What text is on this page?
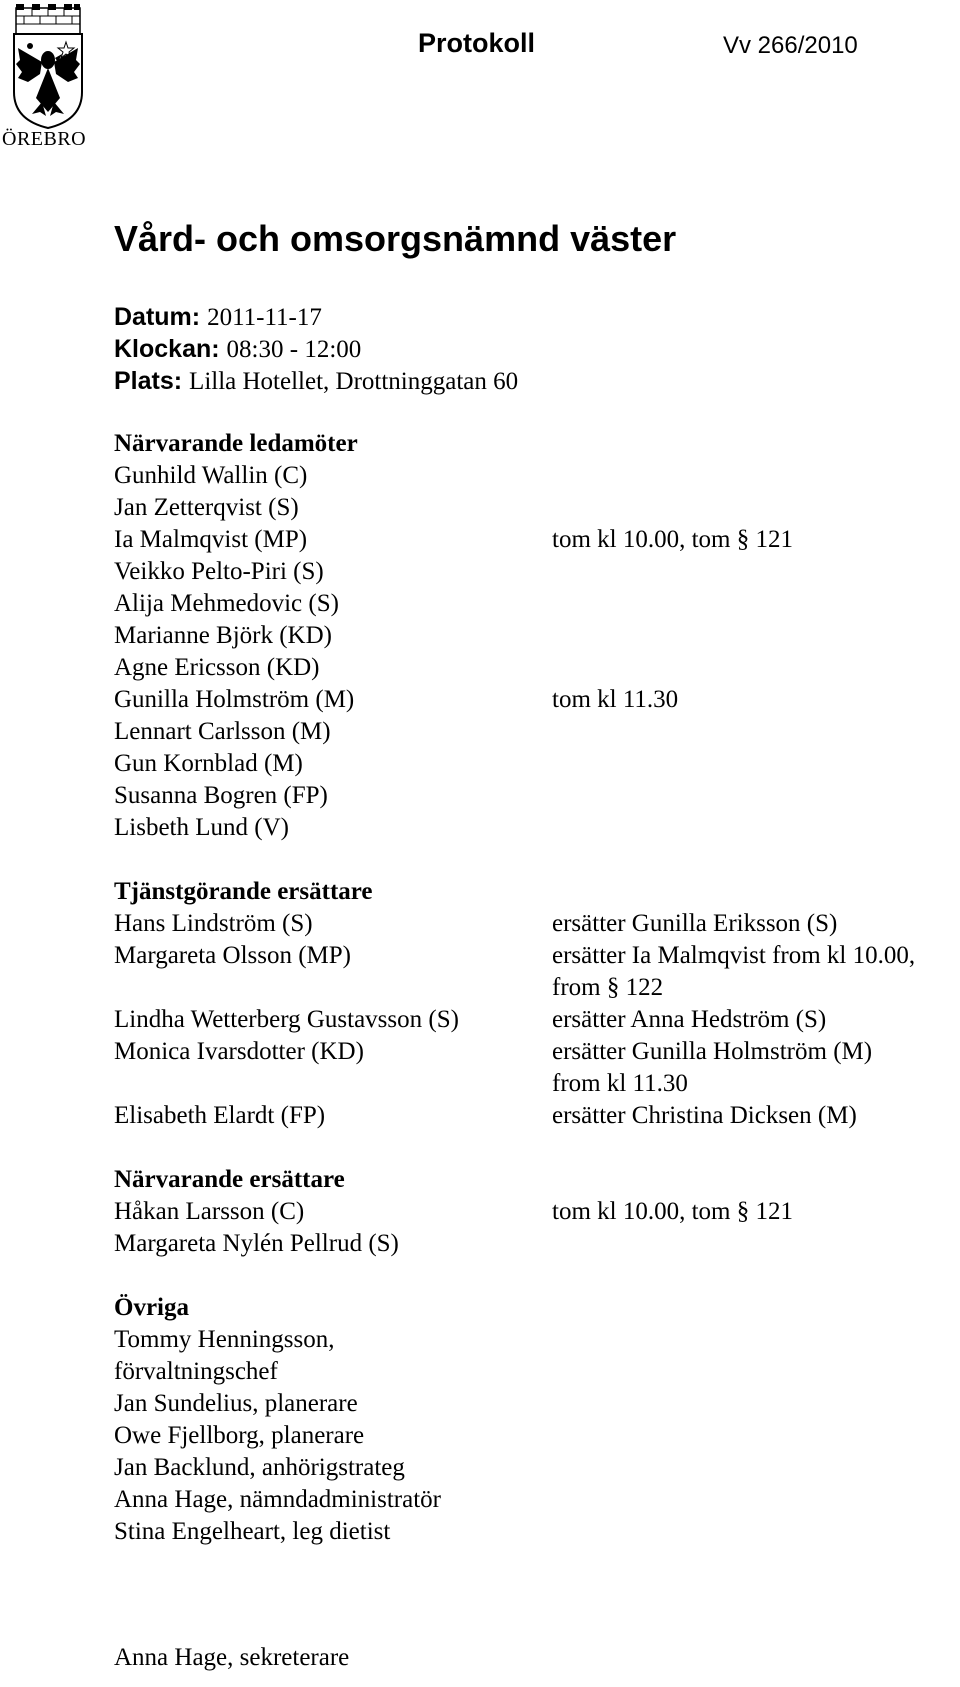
ÖREBRO
Protokoll	Vv 266/2010
Vård- och omsorgsnämnd väster
Datum: 2011-11-17
Klockan: 08:30 - 12:00
Plats: Lilla Hotellet, Drottninggatan 60
Närvarande ledamöter
Gunhild Wallin (C)
Jan Zetterqvist (S)
Ia Malmqvist (MP)	tom kl 10.00, tom § 121
Veikko Pelto-Piri (S)
Alija Mehmedovic (S)
Marianne Björk (KD)
Agne Ericsson (KD)
Gunilla Holmström (M)	tom kl 11.30
Lennart Carlsson (M)
Gun Kornblad (M)
Susanna Bogren (FP)
Lisbeth Lund (V)
Tjänstgörande ersättare
Hans Lindström (S)	ersätter Gunilla Eriksson (S)
Margareta Olsson (MP)	ersätter Ia Malmqvist from kl 10.00,
from § 122
Lindha Wetterberg Gustavsson (S)	ersätter Anna Hedström (S)
Monica Ivarsdotter (KD)	ersätter Gunilla Holmström (M)
from kl 11.30
Elisabeth Elardt (FP)	ersätter Christina Dicksen (M)
Närvarande ersättare
Håkan Larsson (C)	tom kl 10.00, tom § 121
Margareta Nylén Pellrud (S)
Övriga
Tommy Henningsson,
förvaltningschef
Jan Sundelius, planerare
Owe Fjellborg, planerare
Jan Backlund, anhörigstrateg
Anna Hage, nämndadministratör
Stina Engelheart, leg dietist
Anna Hage, sekreterare
